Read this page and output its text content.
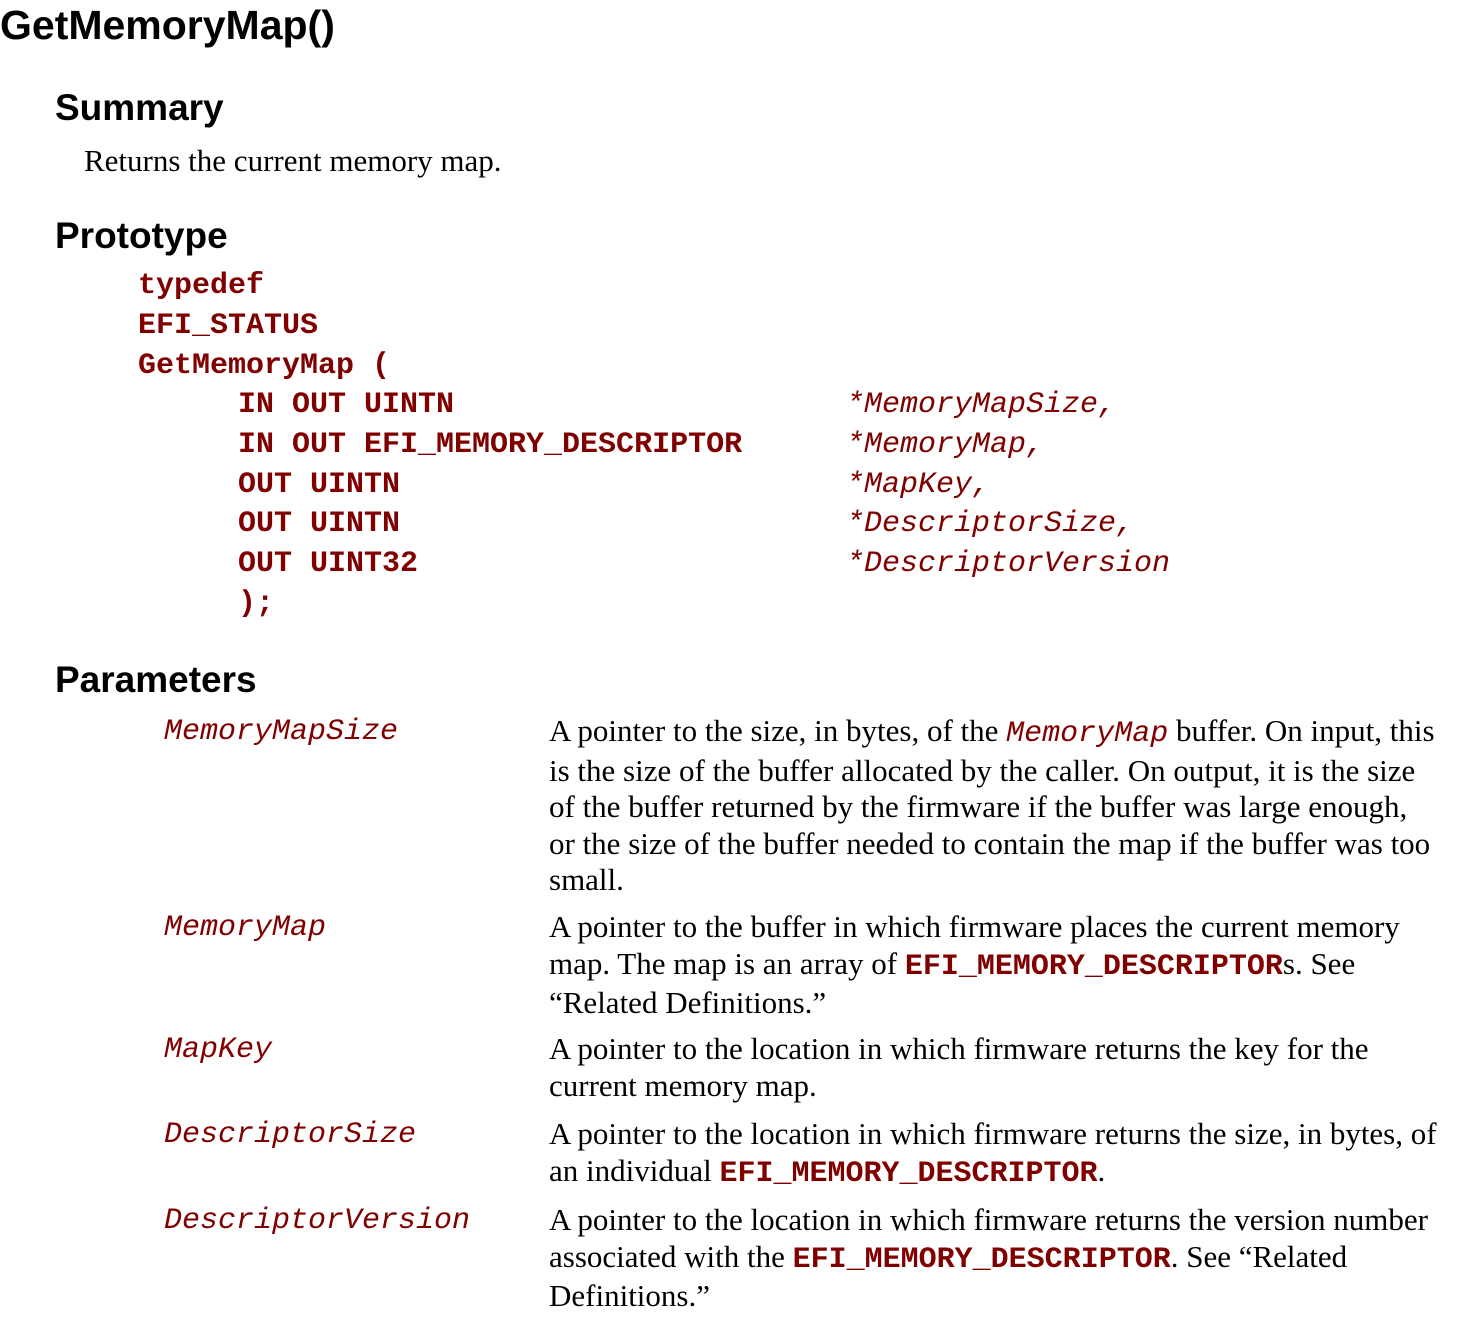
GetMemoryMap()
Summary
Returns the current memory map.
Prototype
typedef
EFI_STATUS
GetMemoryMap (
IN OUT UINTN	*MemoryMapSize,
IN OUT EFI_MEMORY_DESCRIPTOR	*MemoryMap,
OUT UINTN	*MapKey,
OUT UINTN	*DescriptorSize,
OUT UINT32	*DescriptorVersion
);
Parameters
MemoryMapSize	A pointer to the size, in bytes, of the MemoryMap buffer. On input, this is the size of the buffer allocated by the caller. On output, it is the size of the buffer returned by the firmware if the buffer was large enough, or the size of the buffer needed to contain the map if the buffer was too small.
MemoryMap	A pointer to the buffer in which firmware places the current memory map. The map is an array of EFI_MEMORY_DESCRIPTORs. See “Related Definitions.”
MapKey	A pointer to the location in which firmware returns the key for the current memory map.
DescriptorSize	A pointer to the location in which firmware returns the size, in bytes, of an individual EFI_MEMORY_DESCRIPTOR.
DescriptorVersion	A pointer to the location in which firmware returns the version number associated with the EFI_MEMORY_DESCRIPTOR. See “Related Definitions.”
